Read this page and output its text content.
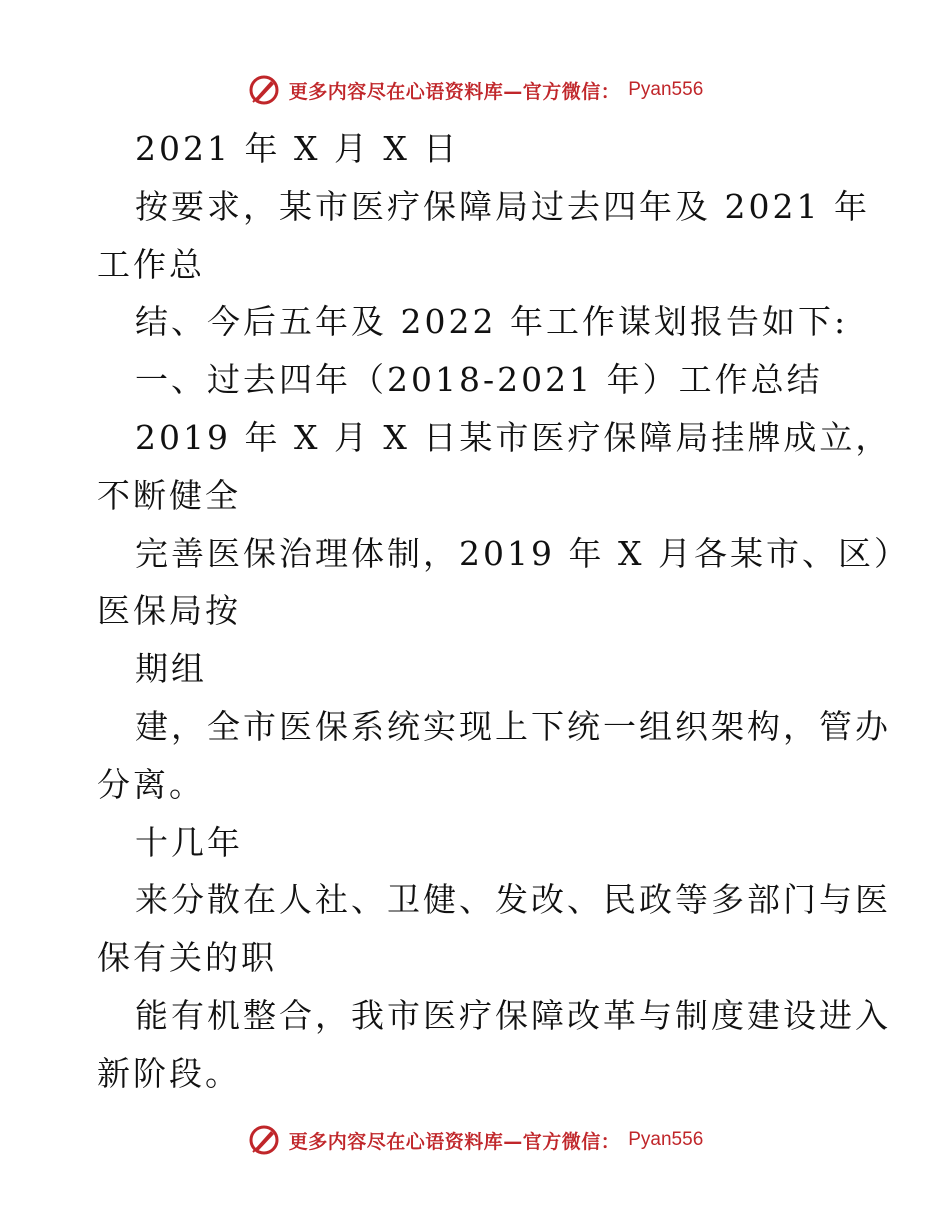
更多内容尽在心语资料库—官方微信： Pyan556
2021 年 X 月 X 日
按要求，某市医疗保障局过去四年及 2021 年
工作总
结、今后五年及 2022 年工作谋划报告如下:
一、过去四年（2018-2021 年）工作总结
2019 年 X 月 X 日某市医疗保障局挂牌成立，
不断健全
完善医保治理体制，2019 年 X 月各某市、区）
医保局按
期组
建，全市医保系统实现上下统一组织架构，管办
分离。
十几年
来分散在人社、卫健、发改、民政等多部门与医
保有关的职
能有机整合，我市医疗保障改革与制度建设进入
新阶段。
更多内容尽在心语资料库—官方微信： Pyan556
